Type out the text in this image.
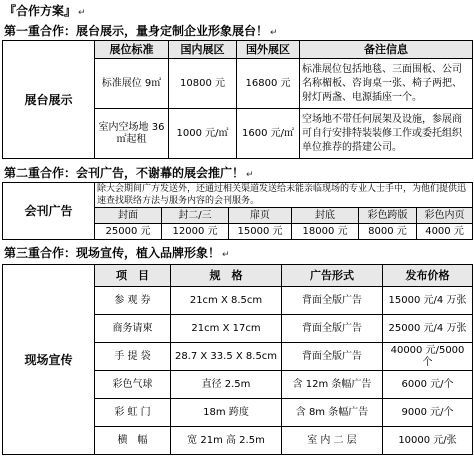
『合作方案』 ↵
第一重合作：展台展示，量身定制企业形象展台！ ↵
展台展示	展位标准	国内展区	国外展区	备注信息
	标准展位 9㎡	10800 元	16800 元	标准展位包括地毯、三面围板、公司名称楣板、咨询桌一张、椅子两把、射灯两盏、电源插座一个。
	室内空场地 36㎡起租	1000 元/㎡	1600 元/㎡	空场地不带任何展架及设施，参展商可自行安排特装装修工作或委托组织单位推荐的搭建公司。
第二重合作：会刊广告，不谢幕的展会推广！ ↵
会刊广告	除大会期间广方发送外，还通过相关渠道发送给未能亲临现场的专业人士手中，为他们提供迅速查找联络方法与服务内容的会刊服务。					
	封面	封二/三	扉页	封底	彩色跨版	彩色内页
	25000 元	12000 元	15000 元	18000 元	8000 元	4000 元
第三重合作：现场宣传，植入品牌形象！ ↵
现场宣传	项　目	规　格	广告形式	发布价格
	参 观 券	21cm X 8.5cm	背面全版广告	15000 元/4 万张
	商务请柬	21cm X 17cm	背面全版广告	25000 元/4 万张
	手 提 袋	28.7 X 33.5 X 8.5cm	背面全版广告	40000 元/5000 个
	彩色气球	直径 2.5m	含 12m 条幅广告	6000 元/个
	彩 虹 门	18m 跨度	含 8m 条幅广告	9000 元/个
	横　幅	宽 21m 高 2.5m	室 内 二 层	10000 元/张
